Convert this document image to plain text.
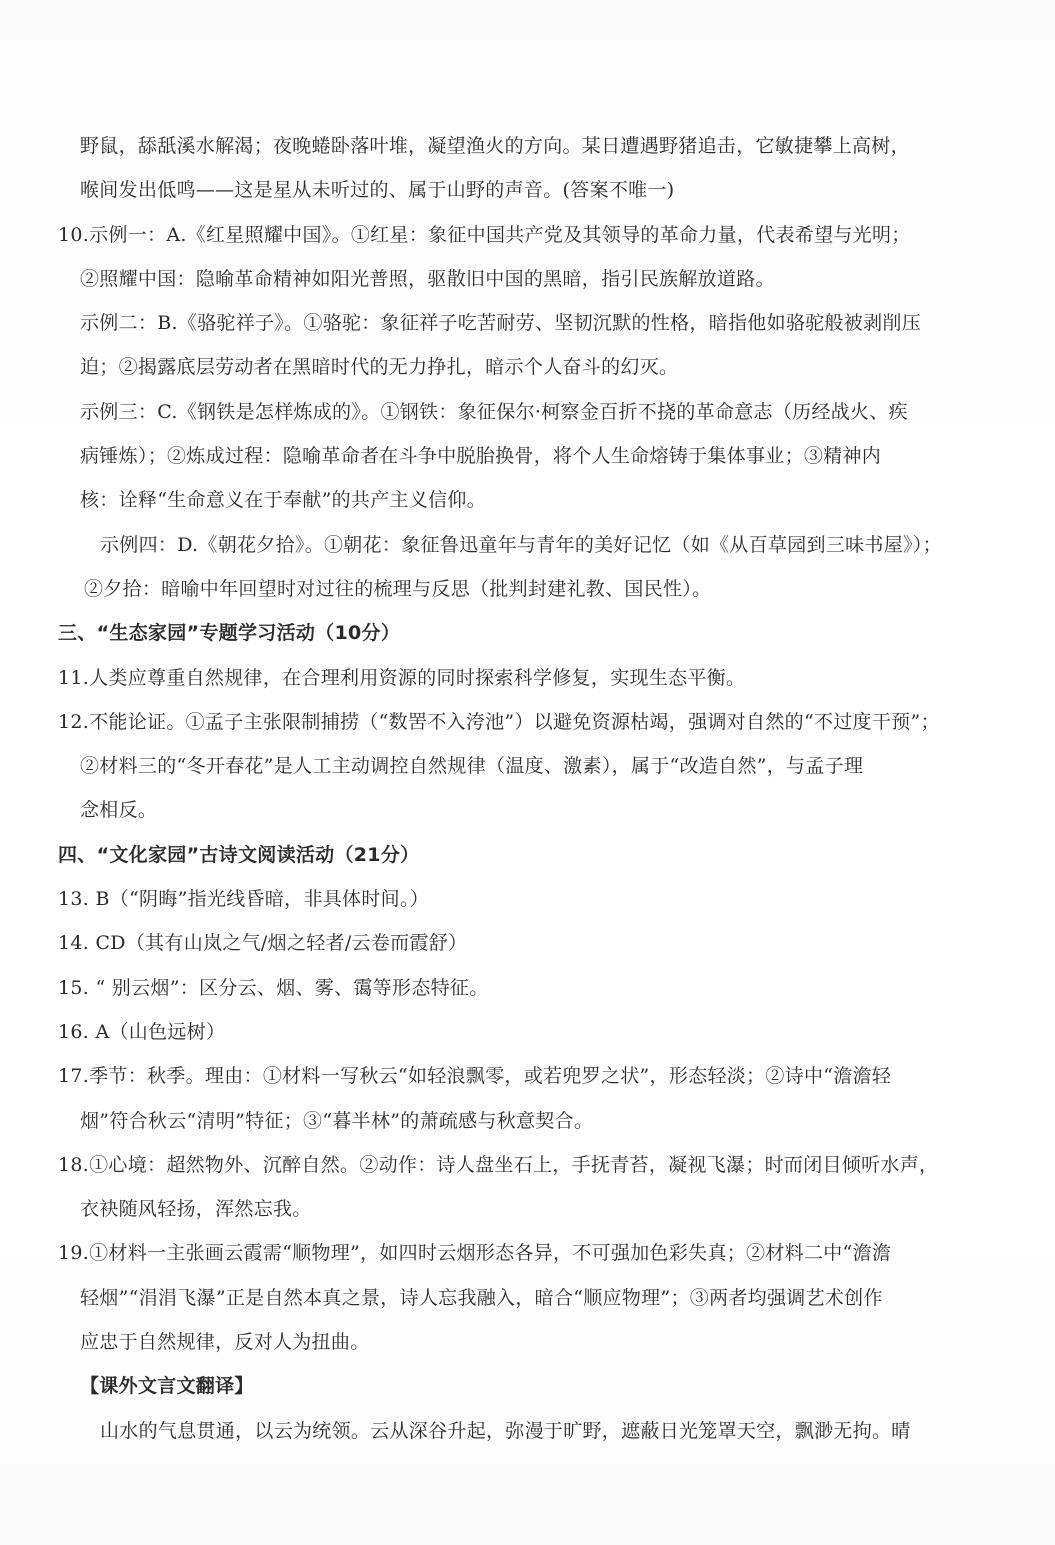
野鼠，舔舐溪水解渴；夜晚蜷卧落叶堆，凝望渔火的方向。某日遭遇野猪追击，它敏捷攀上高树，
喉间发出低鸣——这是星从未听过的、属于山野的声音。(答案不唯一)
10.示例一：A.《红星照耀中国》。①红星：象征中国共产党及其领导的革命力量，代表希望与光明；
②照耀中国：隐喻革命精神如阳光普照，驱散旧中国的黑暗，指引民族解放道路。
示例二：B.《骆驼祥子》。①骆驼：象征祥子吃苦耐劳、坚韧沉默的性格，暗指他如骆驼般被剥削压
迫；②揭露底层劳动者在黑暗时代的无力挣扎，暗示个人奋斗的幻灭。
示例三：C.《钢铁是怎样炼成的》。①钢铁：象征保尔·柯察金百折不挠的革命意志（历经战火、疾
病锤炼）；②炼成过程：隐喻革命者在斗争中脱胎换骨，将个人生命熔铸于集体事业；③精神内
核：诠释“生命意义在于奉献”的共产主义信仰。
示例四：D.《朝花夕拾》。①朝花：象征鲁迅童年与青年的美好记忆（如《从百草园到三味书屋》）；
②夕拾：暗喻中年回望时对过往的梳理与反思（批判封建礼教、国民性）。
三、“生态家园”专题学习活动（10分）
11.人类应尊重自然规律，在合理利用资源的同时探索科学修复，实现生态平衡。
12.不能论证。①孟子主张限制捕捞（“数罟不入洿池”）以避免资源枯竭，强调对自然的“不过度干预”；
②材料三的“冬开春花”是人工主动调控自然规律（温度、激素），属于“改造自然”，与孟子理
念相反。
四、“文化家园”古诗文阅读活动（21分）
13. B（“阴晦”指光线昏暗，非具体时间。）
14. CD（其有山岚之气/烟之轻者/云卷而霞舒）
15. “ 别云烟”：区分云、烟、雾、霭等形态特征。
16. A（山色远树）
17.季节：秋季。理由：①材料一写秋云“如轻浪飘零，或若兜罗之状”，形态轻淡；②诗中“澹澹轻
烟”符合秋云“清明”特征；③“暮半林”的萧疏感与秋意契合。
18.①心境：超然物外、沉醉自然。②动作：诗人盘坐石上，手抚青苔，凝视飞瀑；时而闭目倾听水声，
衣袂随风轻扬，浑然忘我。
19.①材料一主张画云霞需“顺物理”，如四时云烟形态各异，不可强加色彩失真；②材料二中“澹澹
轻烟”“涓涓飞瀑”正是自然本真之景，诗人忘我融入，暗合“顺应物理”；③两者均强调艺术创作
应忠于自然规律，反对人为扭曲。
【课外文言文翻译】
山水的气息贯通，以云为统领。云从深谷升起，弥漫于旷野，遮蔽日光笼罩天空，飘渺无拘。晴
